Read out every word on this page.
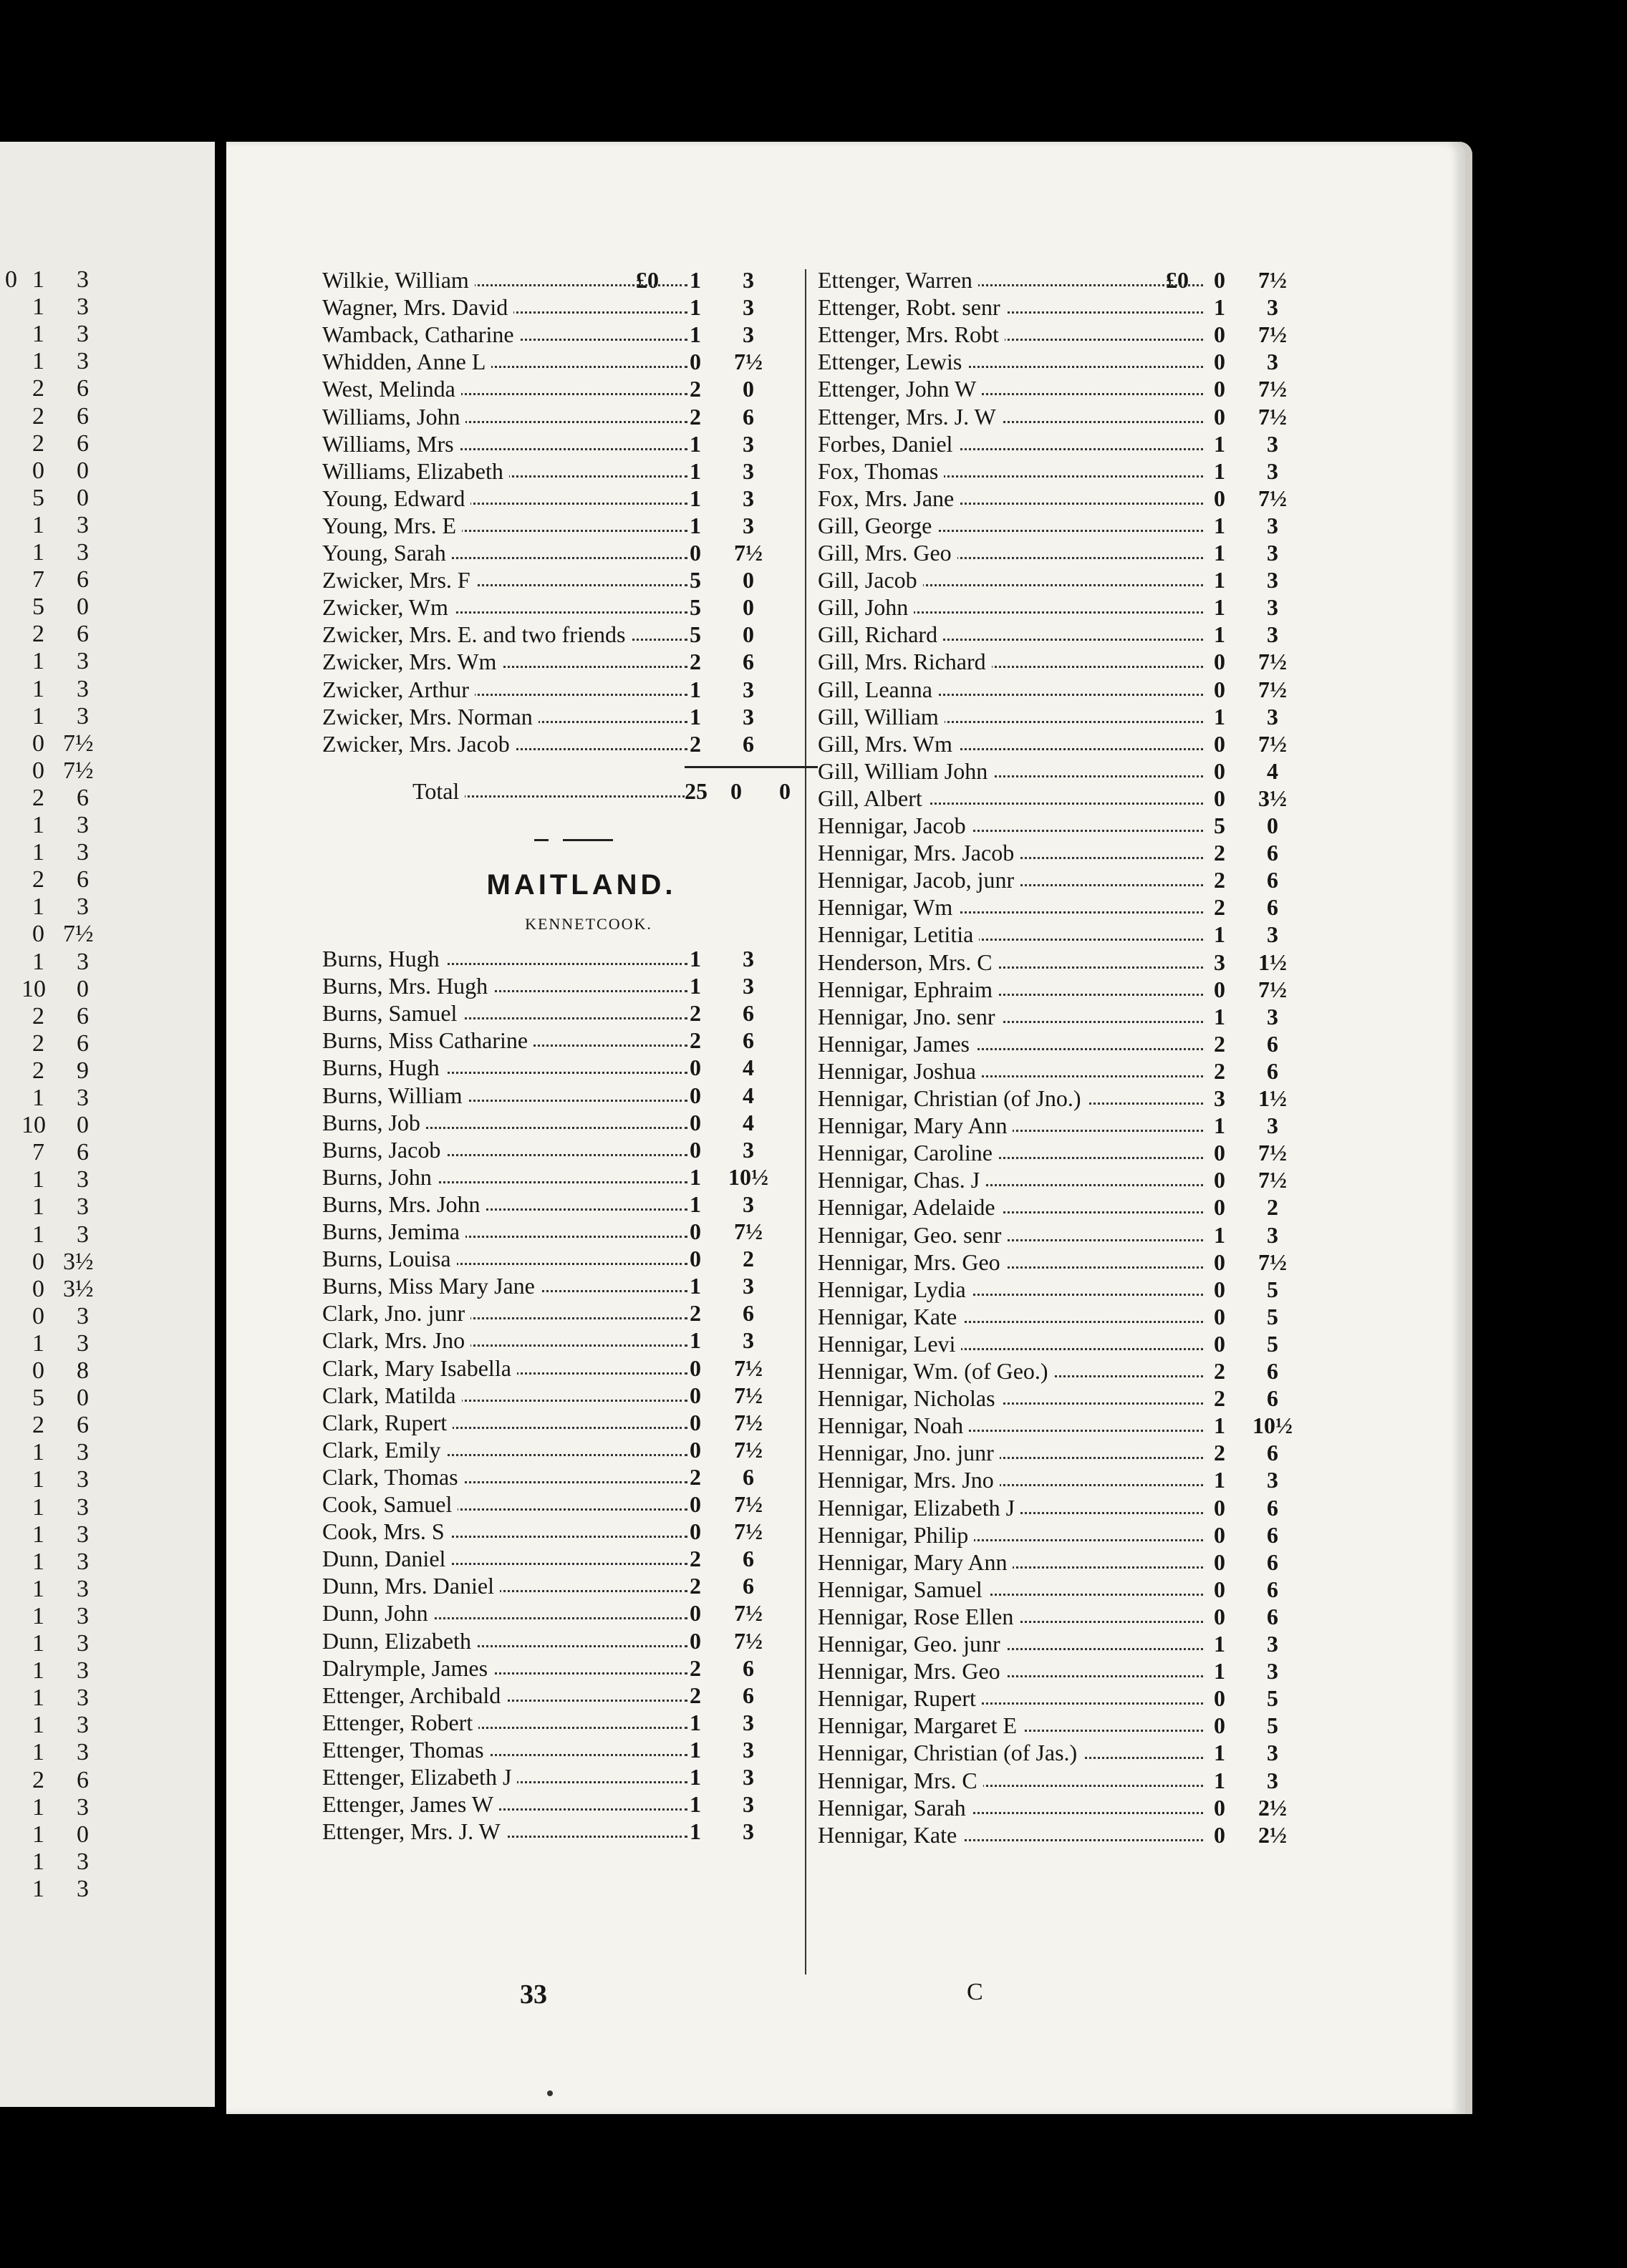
0 1	3
1	3
1	3
1	3
2	6
2	6
2	6
0	0
5	0
1	3
1	3
7	6
5	0
2	6
1	3
1	3
1	3
0 7½
0 7½
2	6
1	3
1	3
2	6
1	3
0 7½
1	3
10	0
2	6
2	6
2	9
1	3
10	0
7	6
1	3
1	3
1	3
0 3½
0 3½
0	3
1	3
0	8
5	0
2	6
1	3
1	3
1	3
1	3
1	3
1	3
1	3
1	3
1	3
1	3
1	3
1	3
2	6
1	3
1	0
1	3
1	3
Wilkie, William	£0	1	3
Wagner, Mrs. David	1	3
Wamback, Catharine	1	3
Whidden, Anne L	0	7½
West, Melinda	2	0
Williams, John	2	6
Williams, Mrs	1	3
Williams, Elizabeth	1	3
Young, Edward	1	3
Young, Mrs. E	1	3
Young, Sarah	0	7½
Zwicker, Mrs. F	5	0
Zwicker, Wm	5	0
Zwicker, Mrs. E. and two friends	5	0
Zwicker, Mrs. Wm	2	6
Zwicker, Arthur	1	3
Zwicker, Mrs. Norman	1	3
Zwicker, Mrs. Jacob	2	6
Total	25 0 0
MAITLAND.
KENNETCOOK.
Burns, Hugh	1	3
Burns, Mrs. Hugh	1	3
Burns, Samuel	2	6
Burns, Miss Catharine	2	6
Burns, Hugh	0	4
Burns, William	0	4
Burns, Job	0	4
Burns, Jacob	0	3
Burns, John	1	10½
Burns, Mrs. John	1	3
Burns, Jemima	0	7½
Burns, Louisa	0	2
Burns, Miss Mary Jane	1	3
Clark, Jno. junr	2	6
Clark, Mrs. Jno	1	3
Clark, Mary Isabella	0	7½
Clark, Matilda	0	7½
Clark, Rupert	0	7½
Clark, Emily	0	7½
Clark, Thomas	2	6
Cook, Samuel	0	7½
Cook, Mrs. S	0	7½
Dunn, Daniel	2	6
Dunn, Mrs. Daniel	2	6
Dunn, John	0	7½
Dunn, Elizabeth	0	7½
Dalrymple, James	2	6
Ettenger, Archibald	2	6
Ettenger, Robert	1	3
Ettenger, Thomas	1	3
Ettenger, Elizabeth J	1	3
Ettenger, James W	1	3
Ettenger, Mrs. J. W	1	3
Ettenger, Warren	£0	0	7½
Ettenger, Robt. senr	1	3
Ettenger, Mrs. Robt	0	7½
Ettenger, Lewis	0	3
Ettenger, John W	0	7½
Ettenger, Mrs. J. W	0	7½
Forbes, Daniel	1	3
Fox, Thomas	1	3
Fox, Mrs. Jane	0	7½
Gill, George	1	3
Gill, Mrs. Geo	1	3
Gill, Jacob	1	3
Gill, John	1	3
Gill, Richard	1	3
Gill, Mrs. Richard	0	7½
Gill, Leanna	0	7½
Gill, William	1	3
Gill, Mrs. Wm	0	7½
Gill, William John	0	4
Gill, Albert	0	3½
Hennigar, Jacob	5	0
Hennigar, Mrs. Jacob	2	6
Hennigar, Jacob, junr	2	6
Hennigar, Wm	2	6
Hennigar, Letitia	1	3
Henderson, Mrs. C	3	1½
Hennigar, Ephraim	0	7½
Hennigar, Jno. senr	1	3
Hennigar, James	2	6
Hennigar, Joshua	2	6
Hennigar, Christian (of Jno.)	3	1½
Hennigar, Mary Ann	1	3
Hennigar, Caroline	0	7½
Hennigar, Chas. J	0	7½
Hennigar, Adelaide	0	2
Hennigar, Geo. senr	1	3
Hennigar, Mrs. Geo	0	7½
Hennigar, Lydia	0	5
Hennigar, Kate	0	5
Hennigar, Levi	0	5
Hennigar, Wm. (of Geo.)	2	6
Hennigar, Nicholas	2	6
Hennigar, Noah	1	10½
Hennigar, Jno. junr	2	6
Hennigar, Mrs. Jno	1	3
Hennigar, Elizabeth J	0	6
Hennigar, Philip	0	6
Hennigar, Mary Ann	0	6
Hennigar, Samuel	0	6
Hennigar, Rose Ellen	0	6
Hennigar, Geo. junr	1	3
Hennigar, Mrs. Geo	1	3
Hennigar, Rupert	0	5
Hennigar, Margaret E	0	5
Hennigar, Christian (of Jas.)	1	3
Hennigar, Mrs. C	1	3
Hennigar, Sarah	0	2½
Hennigar, Kate	0	2½
33	C
